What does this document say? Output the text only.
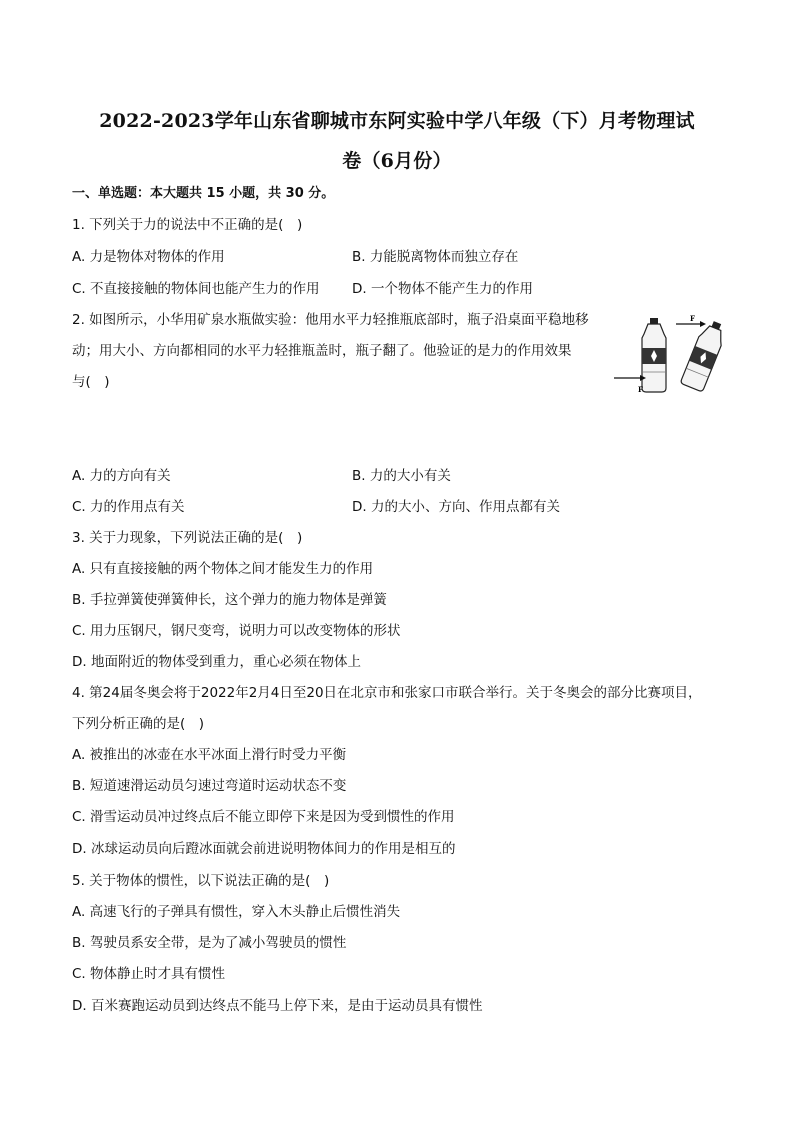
2022-2023学年山东省聊城市东阿实验中学八年级（下）月考物理试
卷（6月份）
一、单选题：本大题共 15 小题，共 30 分。
1. 下列关于力的说法中不正确的是(　)
A. 力是物体对物体的作用	B. 力能脱离物体而独立存在
C. 不直接接触的物体间也能产生力的作用 D. 一个物体不能产生力的作用
2. 如图所示，小华用矿泉水瓶做实验：他用水平力轻推瓶底部时，瓶子沿桌面平稳地移
动；用大小、方向都相同的水平力轻推瓶盖时，瓶子翻了。他验证的是力的作用效果
与(　)	F
F
A. 力的方向有关	B. 力的大小有关
C. 力的作用点有关	D. 力的大小、方向、作用点都有关
3. 关于力现象，下列说法正确的是(　)
A. 只有直接接触的两个物体之间才能发生力的作用
B. 手拉弹簧使弹簧伸长，这个弹力的施力物体是弹簧
C. 用力压钢尺，钢尺变弯，说明力可以改变物体的形状
D. 地面附近的物体受到重力，重心必须在物体上
4. 第24届冬奥会将于2022年2月4日至20日在北京市和张家口市联合举行。关于冬奥会的部分比赛项目，
下列分析正确的是(　)
A. 被推出的冰壶在水平冰面上滑行时受力平衡
B. 短道速滑运动员匀速过弯道时运动状态不变
C. 滑雪运动员冲过终点后不能立即停下来是因为受到惯性的作用
D. 冰球运动员向后蹬冰面就会前进说明物体间力的作用是相互的
5. 关于物体的惯性，以下说法正确的是(　)
A. 高速飞行的子弹具有惯性，穿入木头静止后惯性消失
B. 驾驶员系安全带，是为了减小驾驶员的惯性
C. 物体静止时才具有惯性
D. 百米赛跑运动员到达终点不能马上停下来，是由于运动员具有惯性
